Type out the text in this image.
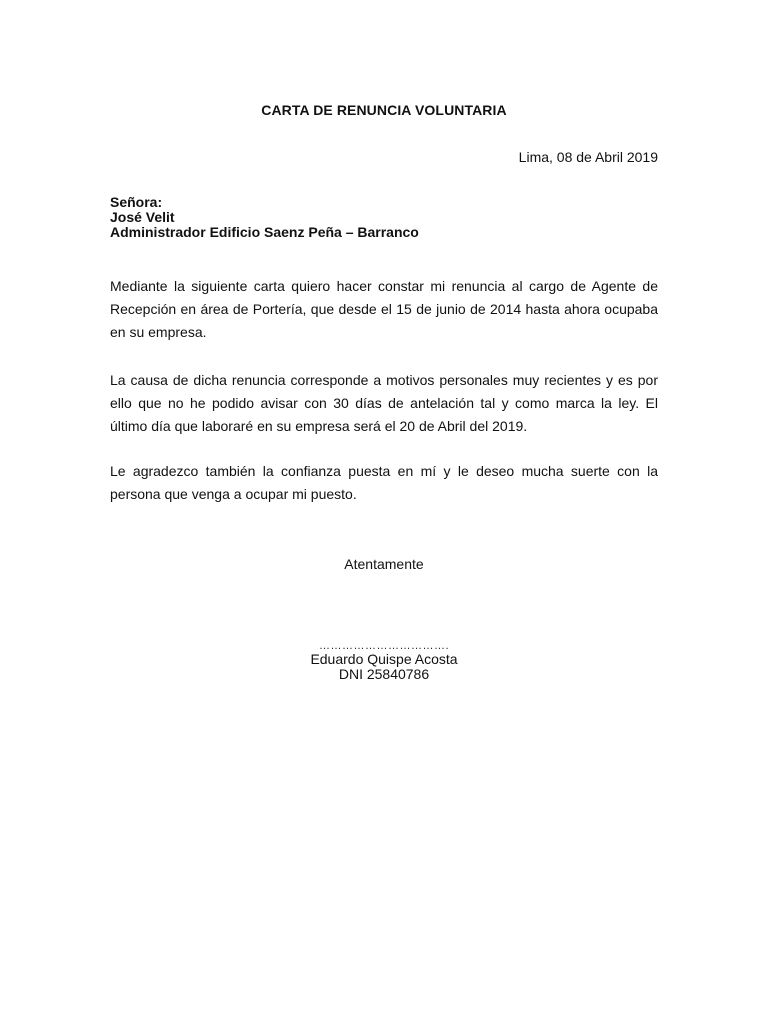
CARTA DE RENUNCIA VOLUNTARIA
Lima, 08 de Abril 2019
Señora:
José Velit
Administrador Edificio Saenz Peña – Barranco
Mediante la siguiente carta quiero hacer constar mi renuncia al cargo de Agente de
Recepción en área de Portería, que desde el 15 de junio de 2014 hasta ahora ocupaba
en su empresa.
La causa de dicha renuncia corresponde a motivos personales muy recientes y es por
ello que no he podido avisar con 30 días de antelación tal y como marca la ley. El
último día que laboraré en su empresa será el 20 de Abril del 2019.
Le agradezco también la confianza puesta en mí y le deseo mucha suerte con la
persona que venga a ocupar mi puesto.
Atentamente
…………………………….
Eduardo Quispe Acosta
DNI 25840786
